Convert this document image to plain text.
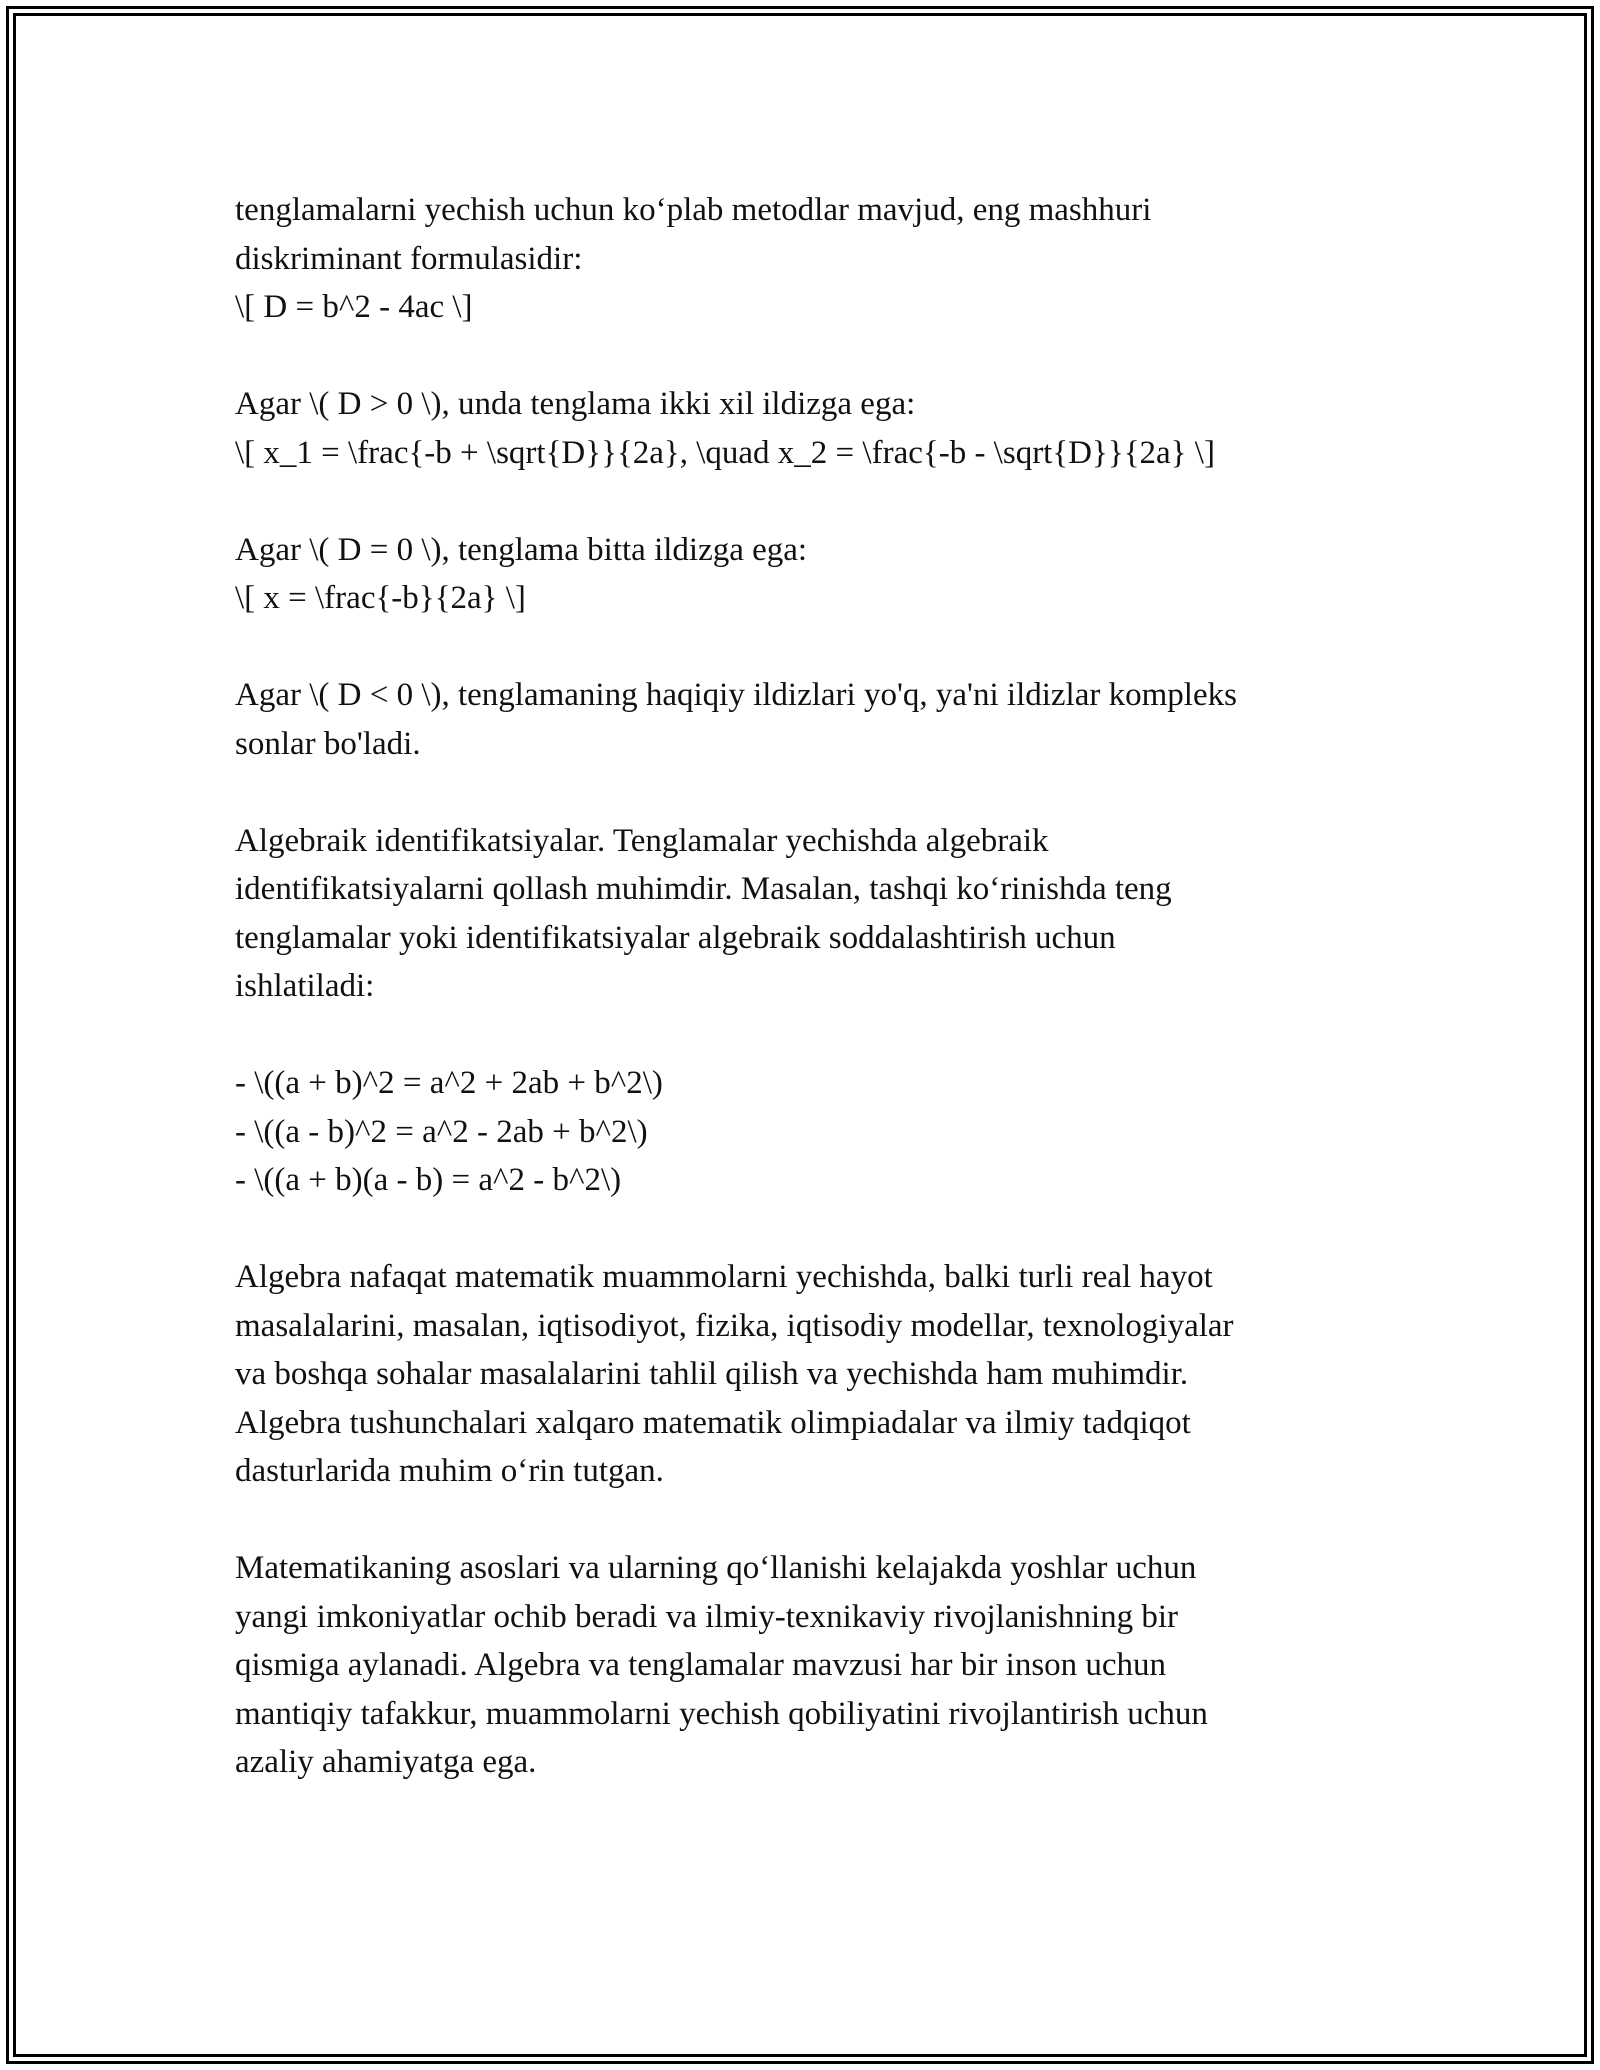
tenglamalarni yechish uchun ko‘plab metodlar mavjud, eng mashhuri
diskriminant formulasidir:
\[ D = b^2 - 4ac \]
Agar \( D > 0 \), unda tenglama ikki xil ildizga ega:
\[ x_1 = \frac{-b + \sqrt{D}}{2a}, \quad x_2 = \frac{-b - \sqrt{D}}{2a} \]
Agar \( D = 0 \), tenglama bitta ildizga ega:
\[ x = \frac{-b}{2a} \]
Agar \( D < 0 \), tenglamaning haqiqiy ildizlari yo'q, ya'ni ildizlar kompleks
sonlar bo'ladi.
Algebraik identifikatsiyalar. Tenglamalar yechishda algebraik
identifikatsiyalarni qollash muhimdir. Masalan, tashqi ko‘rinishda teng
tenglamalar yoki identifikatsiyalar algebraik soddalashtirish uchun
ishlatiladi:
- \((a + b)^2 = a^2 + 2ab + b^2\)
- \((a - b)^2 = a^2 - 2ab + b^2\)
- \((a + b)(a - b) = a^2 - b^2\)
Algebra nafaqat matematik muammolarni yechishda, balki turli real hayot
masalalarini, masalan, iqtisodiyot, fizika, iqtisodiy modellar, texnologiyalar
va boshqa sohalar masalalarini tahlil qilish va yechishda ham muhimdir.
Algebra tushunchalari xalqaro matematik olimpiadalar va ilmiy tadqiqot
dasturlarida muhim o‘rin tutgan.
Matematikaning asoslari va ularning qo‘llanishi kelajakda yoshlar uchun
yangi imkoniyatlar ochib beradi va ilmiy-texnikaviy rivojlanishning bir
qismiga aylanadi. Algebra va tenglamalar mavzusi har bir inson uchun
mantiqiy tafakkur, muammolarni yechish qobiliyatini rivojlantirish uchun
azaliy ahamiyatga ega.
